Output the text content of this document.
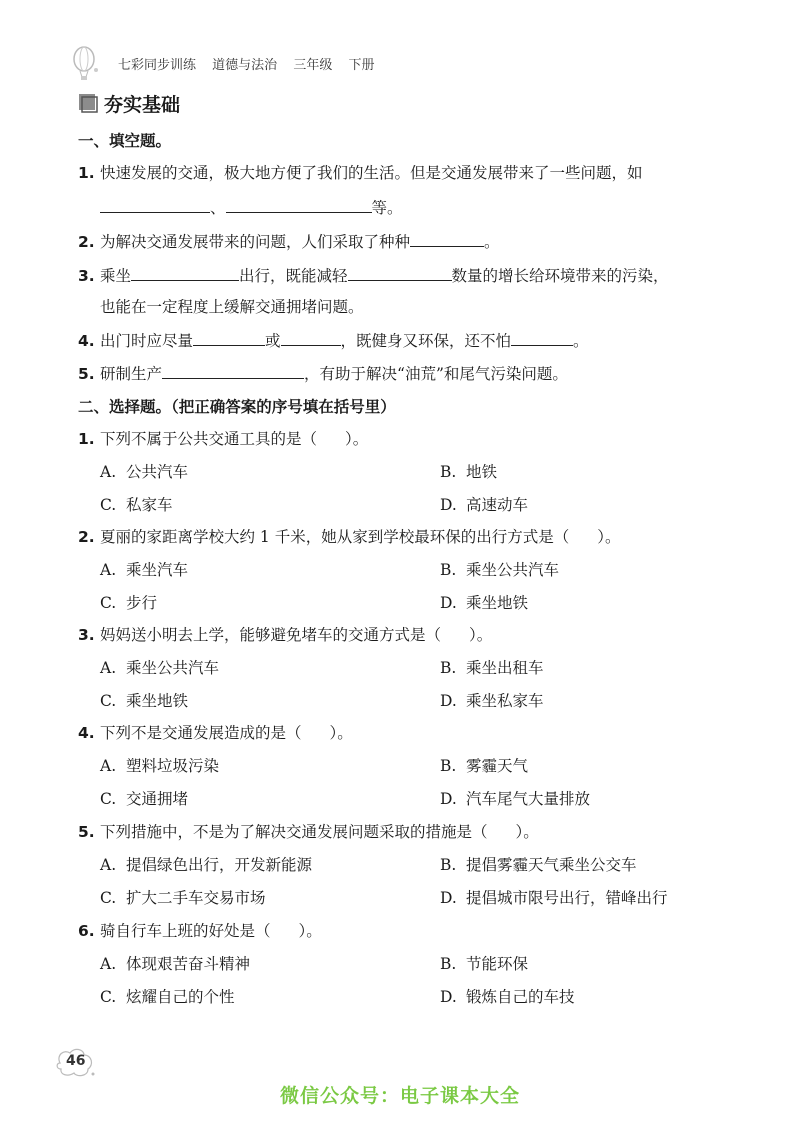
七彩同步训练 道德与法治 三年级 下册
夯实基础
一、填空题。
1. 快速发展的交通，极大地方便了我们的生活。但是交通发展带来了一些问题，如
、	等。
2. 为解决交通发展带来的问题，人们采取了种种	。
3. 乘坐	出行，既能减轻	数量的增长给环境带来的污染，
也能在一定程度上缓解交通拥堵问题。
4. 出门时应尽量	或	，既健身又环保，还不怕	。
5. 研制生产	，有助于解决“油荒”和尾气污染问题。
二、选择题。（把正确答案的序号填在括号里）
1. 下列不属于公共交通工具的是（ ）。
A. 公共汽车	B. 地铁
C. 私家车	D. 高速动车
2. 夏丽的家距离学校大约 1 千米，她从家到学校最环保的出行方式是（ ）。
A. 乘坐汽车	B. 乘坐公共汽车
C. 步行	D. 乘坐地铁
3. 妈妈送小明去上学，能够避免堵车的交通方式是（ ）。
A. 乘坐公共汽车	B. 乘坐出租车
C. 乘坐地铁	D. 乘坐私家车
4. 下列不是交通发展造成的是（ ）。
A. 塑料垃圾污染	B. 雾霾天气
C. 交通拥堵	D. 汽车尾气大量排放
5. 下列措施中，不是为了解决交通发展问题采取的措施是（ ）。
A. 提倡绿色出行，开发新能源	B. 提倡雾霾天气乘坐公交车
C. 扩大二手车交易市场	D. 提倡城市限号出行，错峰出行
6. 骑自行车上班的好处是（ ）。
A. 体现艰苦奋斗精神	B. 节能环保
C. 炫耀自己的个性	D. 锻炼自己的车技
46
微信公众号：电子课本大全
